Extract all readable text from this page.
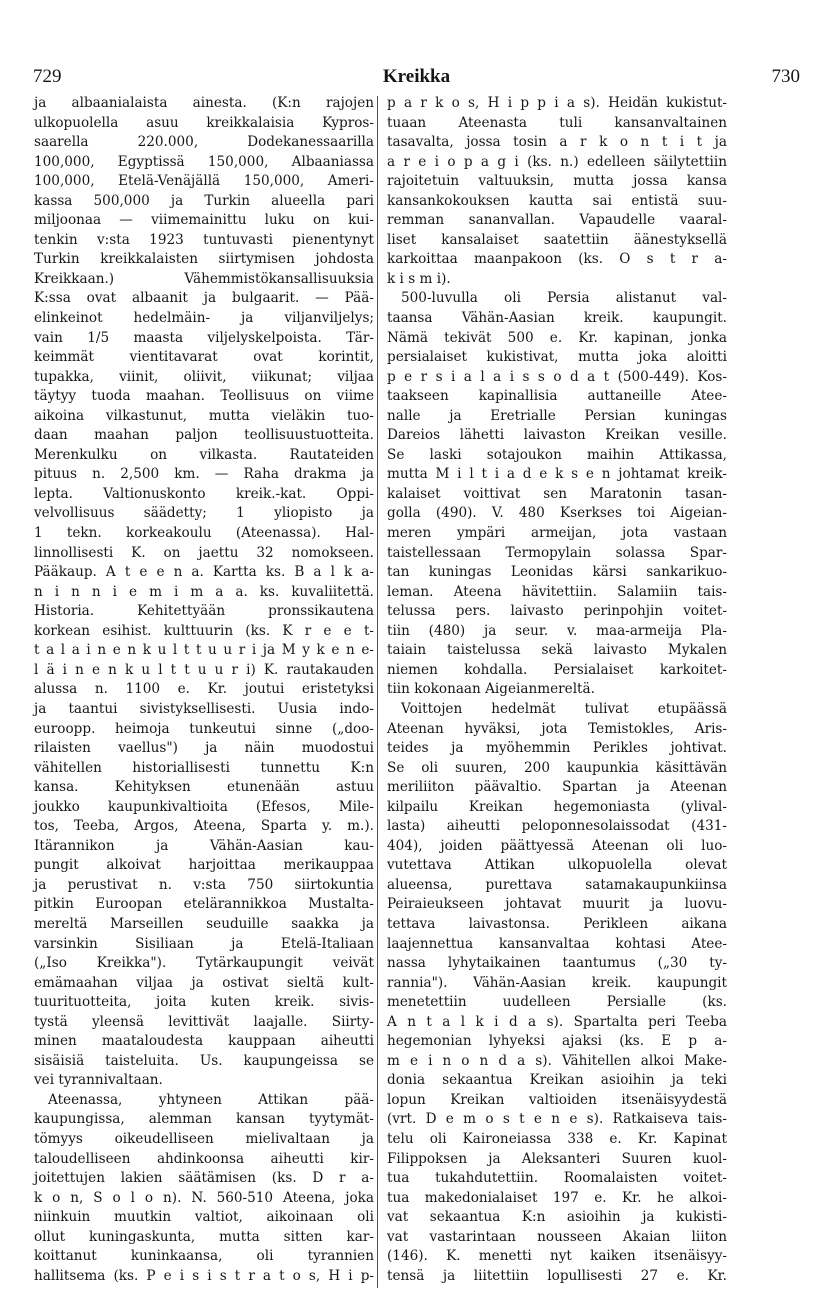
729	Kreikka	730
ja albaanialaista ainesta. (K:n rajojen
ulkopuolella asuu kreikkalaisia Kypros-
saarella 220.000, Dodekanessaarilla
100,000, Egyptissä 150,000, Albaaniassa
100,000, Etelä-Venäjällä 150,000, Ameri-
kassa 500,000 ja Turkin alueella pari
miljoonaa — viimemainittu luku on kui-
tenkin v:sta 1923 tuntuvasti pienentynyt
Turkin kreikkalaisten siirtymisen johdosta
Kreikkaan.) Vähemmistökansallisuuksia
K:ssa ovat albaanit ja bulgaarit. — Pää-
elinkeinot hedelmäin- ja viljanviljelys;
vain 1/5 maasta viljelyskelpoista. Tär-
keimmät vientitavarat ovat korintit,
tupakka, viinit, oliivit, viikunat; viljaa
täytyy tuoda maahan. Teollisuus on viime
aikoina vilkastunut, mutta vieläkin tuo-
daan maahan paljon teollisuustuotteita.
Merenkulku on vilkasta. Rautateiden
pituus n. 2,500 km. — Raha drakma ja
lepta. Valtionuskonto kreik.-kat. Oppi-
velvollisuus säädetty; 1 yliopisto ja
1 tekn. korkeakoulu (Ateenassa). Hal-
linnollisesti K. on jaettu 32 nomokseen.
Pääkaup. A t e e n a. Kartta ks. B a l k a-
n i n n i e m i m a a. ks. kuvaliitettä.
Historia. Kehitettyään pronssikautena
korkean esihist. kulttuurin (ks. K r e e t-
t a l a i n e n k u l t t u u r i ja M y k e n e-
l ä i n e n k u l t t u u r i) K. rautakauden
alussa n. 1100 e. Kr. joutui eristetyksi
ja taantui sivistyksellisesti. Uusia indo-
euroopp. heimoja tunkeutui sinne („doo-
rilaisten vaellus") ja näin muodostui
vähitellen historiallisesti tunnettu K:n
kansa. Kehityksen etunenään astuu
joukko kaupunkivaltioita (Efesos, Mile-
tos, Teeba, Argos, Ateena, Sparta y. m.).
Itärannikon ja Vähän-Aasian kau-
pungit alkoivat harjoittaa merikauppaa
ja perustivat n. v:sta 750 siirtokuntia
pitkin Euroopan etelärannikkoa Mustalta-
mereltä Marseillen seuduille saakka ja
varsinkin Sisiliaan ja Etelä-Italiaan
(„Iso Kreikka"). Tytärkaupungit veivät
emämaahan viljaa ja ostivat sieltä kult-
tuurituotteita, joita kuten kreik. sivis-
tystä yleensä levittivät laajalle. Siirty-
minen maataloudesta kauppaan aiheutti
sisäisiä taisteluita. Us. kaupungeissa se
vei tyrannivaltaan.
Ateenassa, yhtyneen Attikan pää-
kaupungissa, alemman kansan tyytymät-
tömyys oikeudelliseen mielivaltaan ja
taloudelliseen ahdinkoonsa aiheutti kir-
joitettujen lakien säätämisen (ks. D r a-
k o n, S o l o n). N. 560-510 Ateena, joka
niinkuin muutkin valtiot, aikoinaan oli
ollut kuningaskunta, mutta sitten kar-
koittanut kuninkaansa, oli tyrannien
hallitsema (ks. P e i s i s t r a t o s, H i p-
p a r k o s, H i p p i a s). Heidän kukistut-
tuaan Ateenasta tuli kansanvaltainen
tasavalta, jossa tosin a r k o n t i t ja
a r e i o p a g i (ks. n.) edelleen säilytettiin
rajoitetuin valtuuksin, mutta jossa kansa
kansankokouksen kautta sai entistä suu-
remman sananvallan. Vapaudelle vaaral-
liset kansalaiset saatettiin äänestyksellä
karkoittaa maanpakoon (ks. O s t r a-
k i s m i).
500-luvulla oli Persia alistanut val-
taansa Vähän-Aasian kreik. kaupungit.
Nämä tekivät 500 e. Kr. kapinan, jonka
persialaiset kukistivat, mutta joka aloitti
p e r s i a l a i s s o d a t (500-449). Kos-
taakseen kapinallisia auttaneille Atee-
nalle ja Eretrialle Persian kuningas
Dareios lähetti laivaston Kreikan vesille.
Se laski sotajoukon maihin Attikassa,
mutta M i l t i a d e k s e n johtamat kreik-
kalaiset voittivat sen Maratonin tasan-
golla (490). V. 480 Kserkses toi Aigeian-
meren ympäri armeijan, jota vastaan
taistellessaan Termopylain solassa Spar-
tan kuningas Leonidas kärsi sankarikuo-
leman. Ateena hävitettiin. Salamiin tais-
telussa pers. laivasto perinpohjin voitet-
tiin (480) ja seur. v. maa-armeija Pla-
taiain taistelussa sekä laivasto Mykalen
niemen kohdalla. Persialaiset karkoitet-
tiin kokonaan Aigeianmereltä.
Voittojen hedelmät tulivat etupäässä
Ateenan hyväksi, jota Temistokles, Aris-
teides ja myöhemmin Perikles johtivat.
Se oli suuren, 200 kaupunkia käsittävän
meriliiton päävaltio. Spartan ja Ateenan
kilpailu Kreikan hegemoniasta (ylival-
lasta) aiheutti peloponnesolaissodat (431-
404), joiden päättyessä Ateenan oli luo-
vutettava Attikan ulkopuolella olevat
alueensa, purettava satamakaupunkiinsa
Peiraieukseen johtavat muurit ja luovu-
tettava laivastonsa. Perikleen aikana
laajennettua kansanvaltaa kohtasi Atee-
nassa lyhytaikainen taantumus („30 ty-
rannia"). Vähän-Aasian kreik. kaupungit
menetettiin uudelleen Persialle (ks.
A n t a l k i d a s). Spartalta peri Teeba
hegemonian lyhyeksi ajaksi (ks. E p a-
m e i n o n d a s). Vähitellen alkoi Make-
donia sekaantua Kreikan asioihin ja teki
lopun Kreikan valtioiden itsenäisyydestä
(vrt. D e m o s t e n e s). Ratkaiseva tais-
telu oli Kaironeiassa 338 e. Kr. Kapinat
Filippoksen ja Aleksanteri Suuren kuol-
tua tukahdutettiin. Roomalaisten voitet-
tua makedonialaiset 197 e. Kr. he alkoi-
vat sekaantua K:n asioihin ja kukisti-
vat vastarintaan nousseen Akaian liiton
(146). K. menetti nyt kaiken itsenäisyy-
tensä ja liitettiin lopullisesti 27 e. Kr.
